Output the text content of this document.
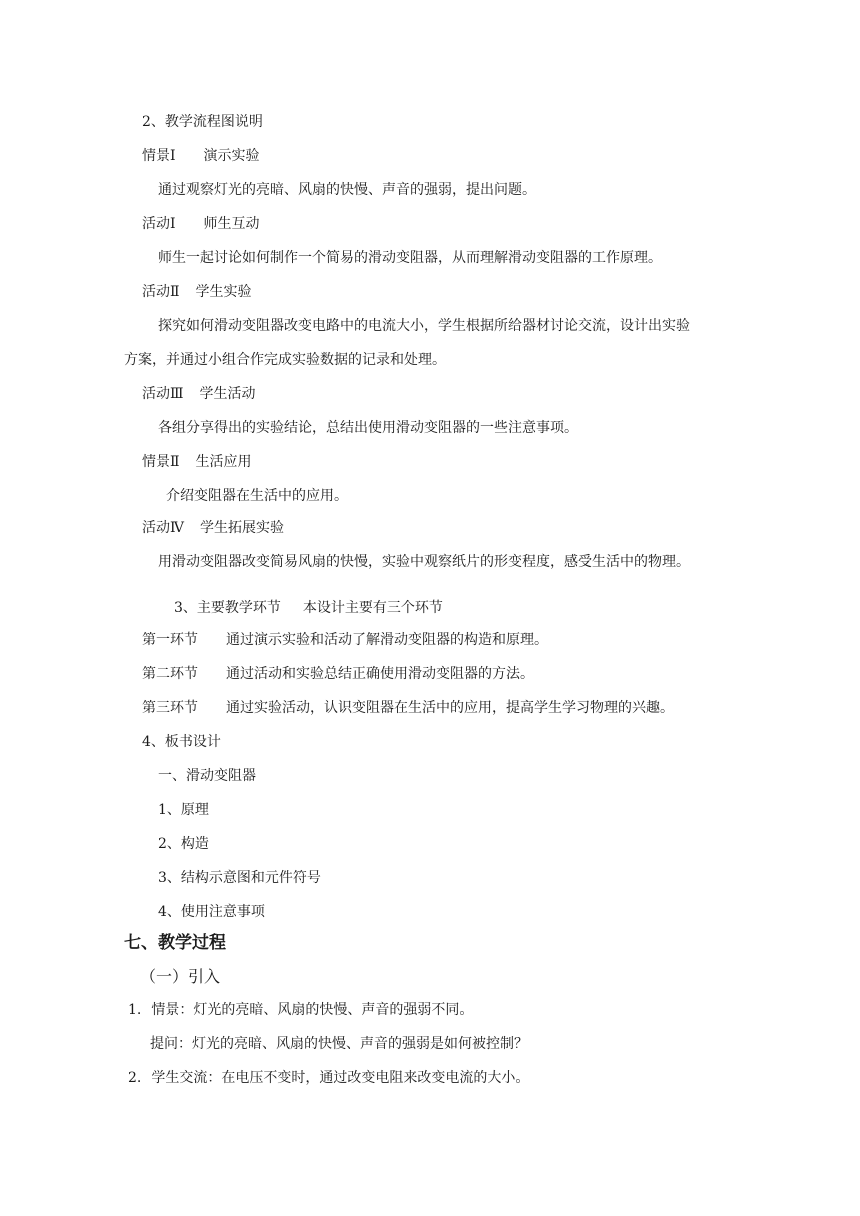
2、教学流程图说明
情景Ⅰ 演示实验
通过观察灯光的亮暗、风扇的快慢、声音的强弱，提出问题。
活动Ⅰ 师生互动
师生一起讨论如何制作一个简易的滑动变阻器，从而理解滑动变阻器的工作原理。
活动Ⅱ 学生实验
探究如何滑动变阻器改变电路中的电流大小，学生根据所给器材讨论交流，设计出实验
方案，并通过小组合作完成实验数据的记录和处理。
活动Ⅲ 学生活动
各组分享得出的实验结论，总结出使用滑动变阻器的一些注意事项。
情景Ⅱ 生活应用
介绍变阻器在生活中的应用。
活动Ⅳ 学生拓展实验
用滑动变阻器改变简易风扇的快慢，实验中观察纸片的形变程度，感受生活中的物理。
3、主要教学环节 本设计主要有三个环节
第一环节 通过演示实验和活动了解滑动变阻器的构造和原理。
第二环节 通过活动和实验总结正确使用滑动变阻器的方法。
第三环节 通过实验活动，认识变阻器在生活中的应用，提高学生学习物理的兴趣。
4、板书设计
一、滑动变阻器
1、原理
2、构造
3、结构示意图和元件符号
4、使用注意事项
七、教学过程
（一）引入
1. 情景：灯光的亮暗、风扇的快慢、声音的强弱不同。
提问：灯光的亮暗、风扇的快慢、声音的强弱是如何被控制？
2. 学生交流：在电压不变时，通过改变电阻来改变电流的大小。
